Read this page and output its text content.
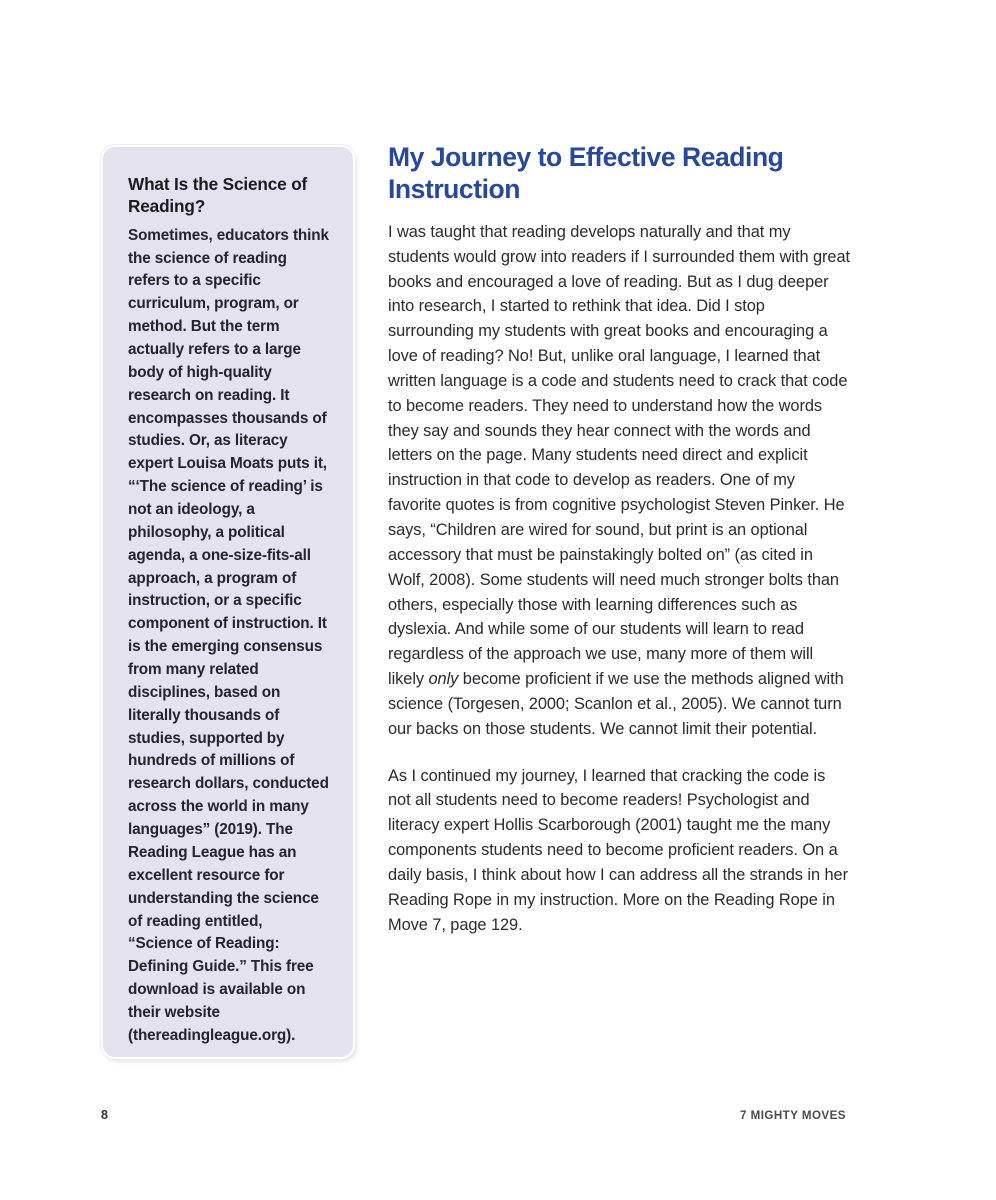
What Is the Science of Reading?

Sometimes, educators think the science of reading refers to a specific curriculum, program, or method. But the term actually refers to a large body of high-quality research on reading. It encompasses thousands of studies. Or, as literacy expert Louisa Moats puts it, “‘The science of reading’ is not an ideology, a philosophy, a political agenda, a one-size-fits-all approach, a program of instruction, or a specific component of instruction. It is the emerging consensus from many related disciplines, based on literally thousands of studies, supported by hundreds of millions of research dollars, conducted across the world in many languages” (2019). The Reading League has an excellent resource for understanding the science of reading entitled, “Science of Reading: Defining Guide.” This free download is available on their website (thereadingleague.org).

My Journey to Effective Reading Instruction

I was taught that reading develops naturally and that my students would grow into readers if I surrounded them with great books and encouraged a love of reading. But as I dug deeper into research, I started to rethink that idea. Did I stop surrounding my students with great books and encouraging a love of reading? No! But, unlike oral language, I learned that written language is a code and students need to crack that code to become readers. They need to understand how the words they say and sounds they hear connect with the words and letters on the page. Many students need direct and explicit instruction in that code to develop as readers. One of my favorite quotes is from cognitive psychologist Steven Pinker. He says, “Children are wired for sound, but print is an optional accessory that must be painstakingly bolted on” (as cited in Wolf, 2008). Some students will need much stronger bolts than others, especially those with learning differences such as dyslexia. And while some of our students will learn to read regardless of the approach we use, many more of them will likely only become proficient if we use the methods aligned with science (Torgesen, 2000; Scanlon et al., 2005). We cannot turn our backs on those students. We cannot limit their potential.

As I continued my journey, I learned that cracking the code is not all students need to become readers! Psychologist and literacy expert Hollis Scarborough (2001) taught me the many components students need to become proficient readers. On a daily basis, I think about how I can address all the strands in her Reading Rope in my instruction. More on the Reading Rope in Move 7, page 129.

8	7 MIGHTY MOVES
